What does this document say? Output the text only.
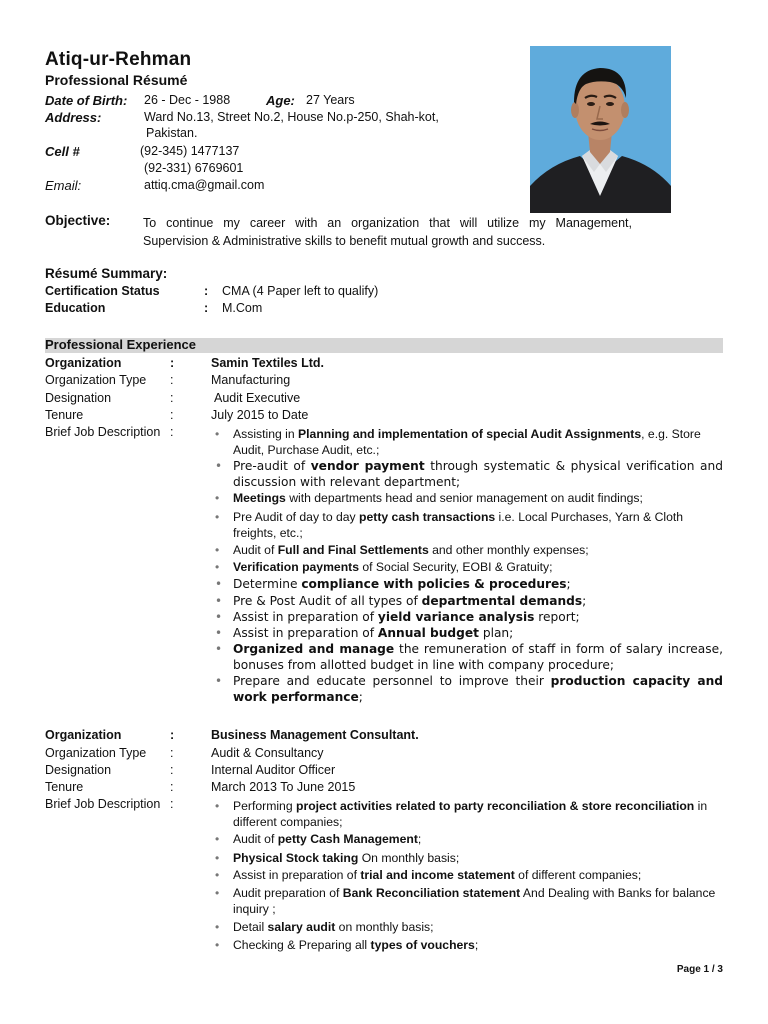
Atiq-ur-Rehman
Professional Résumé
Date of Birth: 26 - Dec - 1988	Age: 27 Years
Address:	Ward No.13, Street No.2, House No.p-250, Shah-kot,
Pakistan.
Cell #	(92-345) 1477137
(92-331) 6769601
Email:	attiq.cma@gmail.com
Objective:	To continue my career with an organization that will utilize my Management,
Supervision & Administrative skills to benefit mutual growth and success.
Résumé Summary:
Certification Status	: CMA (4 Paper left to qualify)
Education	: M.Com
Professional Experience
Organization	:	Samin Textiles Ltd.
Organization Type :	Manufacturing
Designation	:	Audit Executive
Tenure	:	July 2015 to Date
Brief Job Description :	• Assisting in Planning and implementation of special Audit Assignments, e.g. Store Audit, Purchase Audit, etc.;
• Pre-audit of vendor payment through systematic & physical verification and discussion with relevant department;
• Meetings with departments head and senior management on audit findings;
• Pre Audit of day to day petty cash transactions i.e. Local Purchases, Yarn & Cloth freights, etc.;
• Audit of Full and Final Settlements and other monthly expenses;
• Verification payments of Social Security, EOBI & Gratuity;
• Determine compliance with policies & procedures;
• Pre & Post Audit of all types of departmental demands;
• Assist in preparation of yield variance analysis report;
• Assist in preparation of Annual budget plan;
• Organized and manage the remuneration of staff in form of salary increase, bonuses from allotted budget in line with company procedure;
• Prepare and educate personnel to improve their production capacity and work performance;
Organization	:	Business Management Consultant.
Organization Type :	Audit & Consultancy
Designation	:	Internal Auditor Officer
Tenure	:	March 2013 To June 2015
Brief Job Description :	• Performing project activities related to party reconciliation & store reconciliation in different companies;
• Audit of petty Cash Management;
• Physical Stock taking On monthly basis;
• Assist in preparation of trial and income statement of different companies;
• Audit preparation of Bank Reconciliation statement And Dealing with Banks for balance inquiry ;
• Detail salary audit on monthly basis;
• Checking & Preparing all types of vouchers;
Page 1 / 3
